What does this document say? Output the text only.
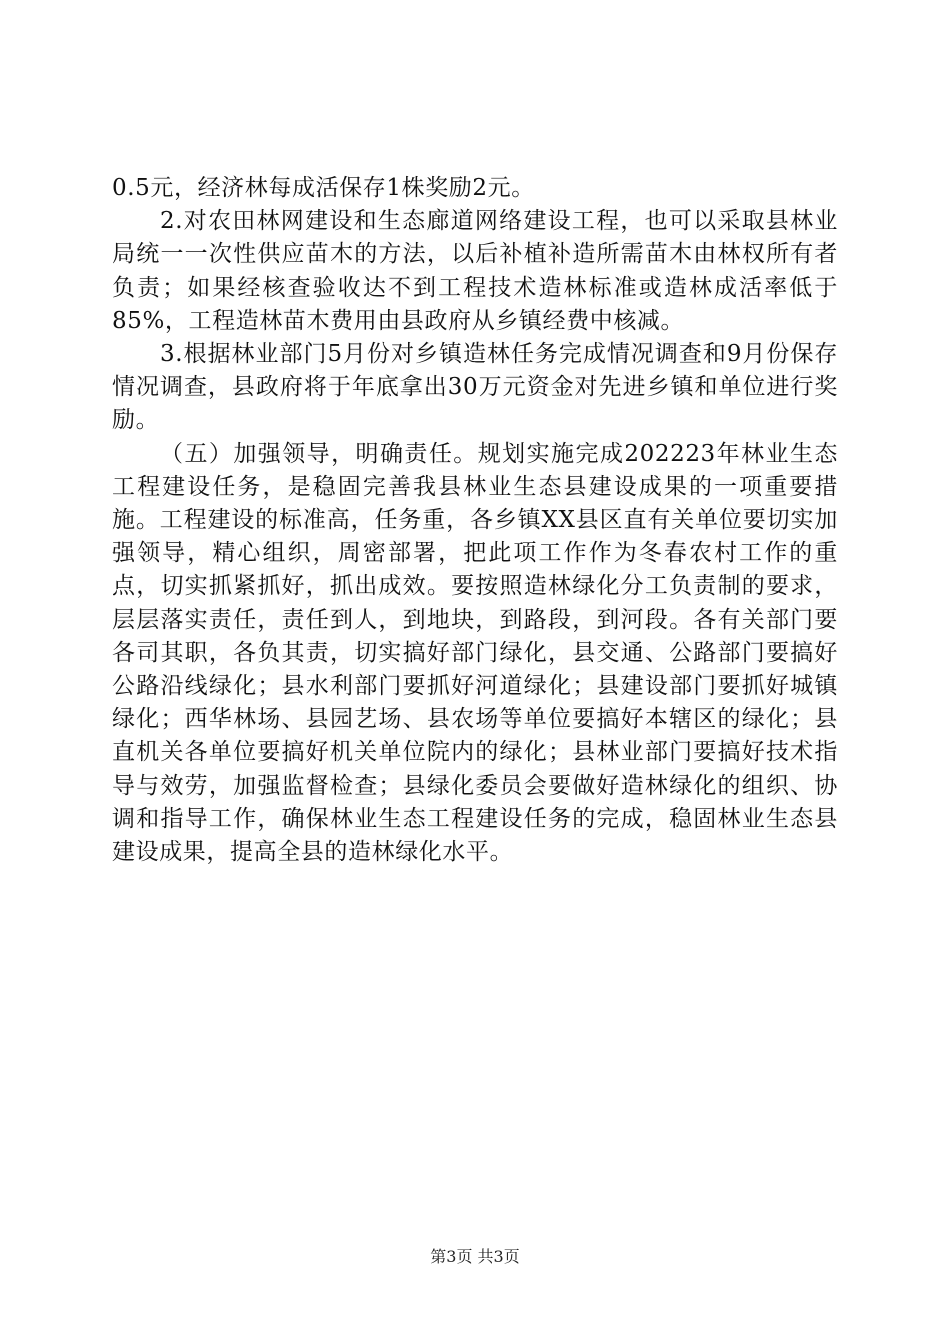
0.5元，经济林每成活保存1株奖励2元。

2.对农田林网建设和生态廊道网络建设工程，也可以采取县林业局统一一次性供应苗木的方法，以后补植补造所需苗木由林权所有者负责；如果经核查验收达不到工程技术造林标准或造林成活率低于85%，工程造林苗木费用由县政府从乡镇经费中核减。

3.根据林业部门5月份对乡镇造林任务完成情况调查和9月份保存情况调查，县政府将于年底拿出30万元资金对先进乡镇和单位进行奖励。

（五）加强领导，明确责任。规划实施完成202223年林业生态工程建设任务，是稳固完善我县林业生态县建设成果的一项重要措施。工程建设的标准高，任务重，各乡镇XX县区直有关单位要切实加强领导，精心组织，周密部署，把此项工作作为冬春农村工作的重点，切实抓紧抓好，抓出成效。要按照造林绿化分工负责制的要求，层层落实责任，责任到人，到地块，到路段，到河段。各有关部门要各司其职，各负其责，切实搞好部门绿化，县交通、公路部门要搞好公路沿线绿化；县水利部门要抓好河道绿化；县建设部门要抓好城镇绿化；西华林场、县园艺场、县农场等单位要搞好本辖区的绿化；县直机关各单位要搞好机关单位院内的绿化；县林业部门要搞好技术指导与效劳，加强监督检查；县绿化委员会要做好造林绿化的组织、协调和指导工作，确保林业生态工程建设任务的完成，稳固林业生态县建设成果，提高全县的造林绿化水平。

第3页 共3页
